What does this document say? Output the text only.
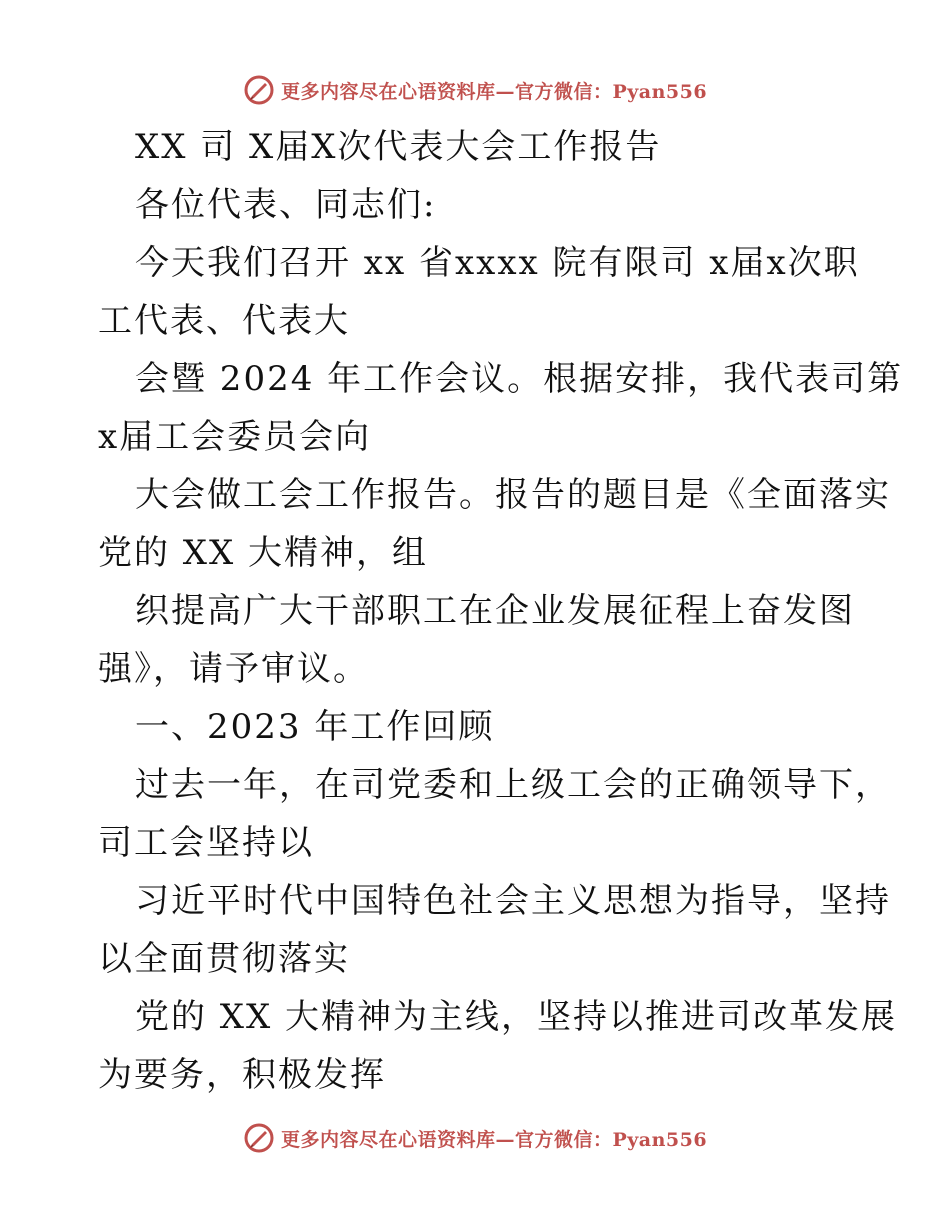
更多内容尽在心语资料库—官方微信：Pyan556
XX 司 X届X次代表大会工作报告
各位代表、同志们:
今天我们召开 xx 省xxxx 院有限司 x届x次职
工代表、代表大
会暨 2024 年工作会议。根据安排，我代表司第
x届工会委员会向
大会做工会工作报告。报告的题目是《全面落实
党的 XX 大精神，组
织提高广大干部职工在企业发展征程上奋发图
强》，请予审议。
一、2023 年工作回顾
过去一年，在司党委和上级工会的正确领导下，
司工会坚持以
习近平时代中国特色社会主义思想为指导，坚持
以全面贯彻落实
党的 XX 大精神为主线，坚持以推进司改革发展
为要务，积极发挥
更多内容尽在心语资料库—官方微信：Pyan556
